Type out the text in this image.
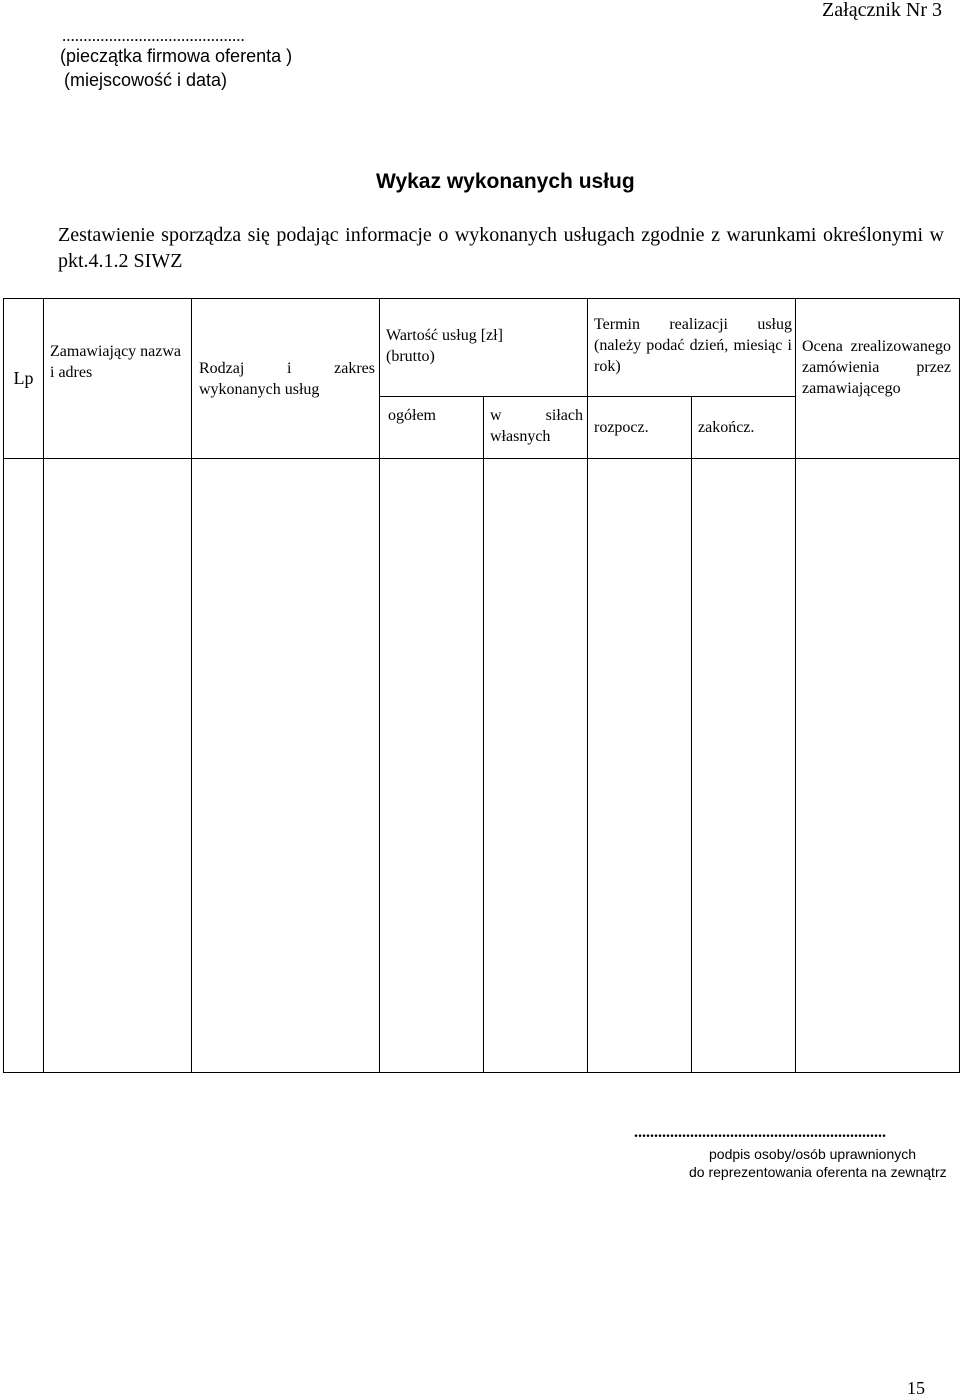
...........................................
(pieczątka firmowa oferenta )
(miejscowość i data)
Załącznik Nr 3
Wykaz wykonanych usług
Zestawienie sporządza się podając informacje o wykonanych usługach zgodnie z warunkami określonymi w pkt.4.1.2 SIWZ
Lp	Zamawiający nazwa i adres	Rodzaj i zakres wykonanych usług	Wartość usług [zł] (brutto)		Termin realizacji usług (należy podać dzień, miesiąc i rok)		Ocena zrealizowanego zamówienia przez zamawiającego

			ogółem	w siłach własnych	rozpocz.	zakończ.	

...............................................................
podpis osoby/osób uprawnionych
do reprezentowania oferenta na zewnątrz
15
